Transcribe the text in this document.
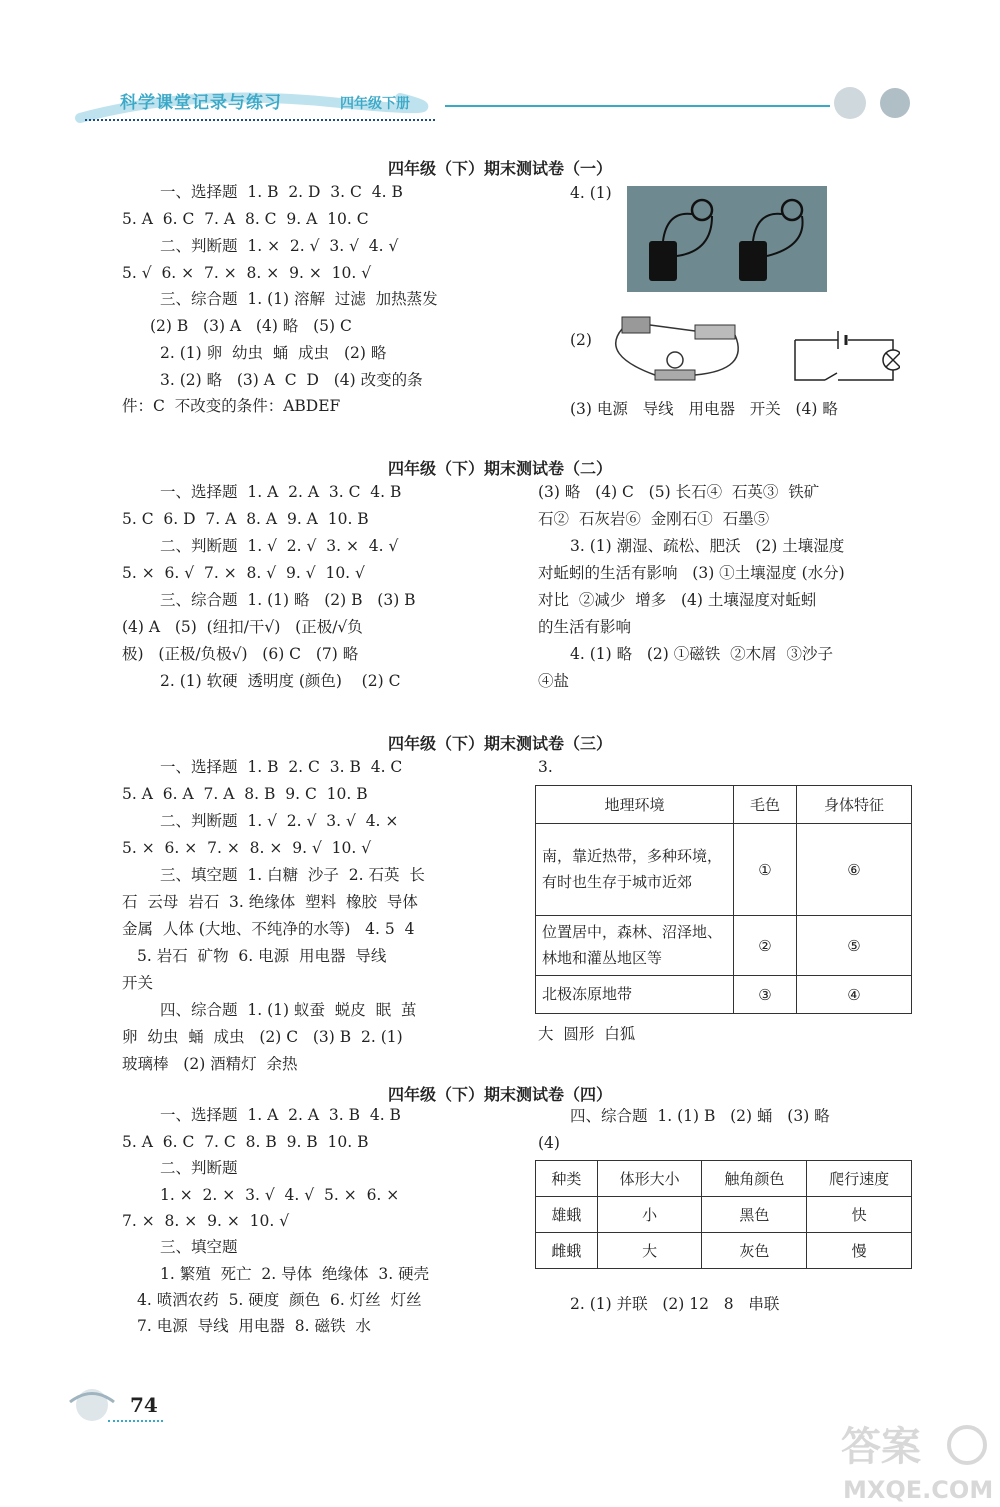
科学课堂记录与练习	四年级下册
四年级（下）期末测试卷（一）
一、选择题  1. B  2. D  3. C  4. B
5. A  6. C  7. A  8. C  9. A  10. C
二、判断题  1. ×  2. √  3. √  4. √
5. √  6. ×  7. ×  8. ×  9. ×  10. √
三、综合题  1. (1) 溶解  过滤  加热蒸发
(2) B   (3) A   (4) 略   (5) C
2. (1) 卵  幼虫  蛹  成虫   (2) 略
3. (2) 略   (3) A  C  D   (4) 改变的条
件：C  不改变的条件：ABDEF
4. (1)
(2)
(3) 电源   导线   用电器   开关   (4) 略
四年级（下）期末测试卷（二）
一、选择题  1. A  2. A  3. C  4. B
5. C  6. D  7. A  8. A  9. A  10. B
二、判断题  1. √  2. √  3. ×  4. √
5. ×  6. √  7. ×  8. √  9. √  10. √
三、综合题  1. (1) 略   (2) B   (3) B
(4) A   (5)  (纽扣/干√)   (正极/√负
极)   (正极/负极√)   (6) C   (7) 略
2. (1) 软硬  透明度 (颜色)    (2) C
(3) 略   (4) C   (5) 长石④  石英③  铁矿
石②  石灰岩⑥  金刚石①  石墨⑤
3. (1) 潮湿、疏松、肥沃   (2) 土壤湿度
对蚯蚓的生活有影响   (3) ①土壤湿度 (水分)
对比  ②减少  增多   (4) 土壤湿度对蚯蚓
的生活有影响
4. (1) 略   (2) ①磁铁  ②木屑  ③沙子
④盐
四年级（下）期末测试卷（三）
一、选择题  1. B  2. C  3. B  4. C
5. A  6. A  7. A  8. B  9. C  10. B
二、判断题  1. √  2. √  3. √  4. ×
5. ×  6. ×  7. ×  8. ×  9. √  10. √
三、填空题  1. 白糖  沙子  2. 石英  长
石  云母  岩石  3. 绝缘体  塑料  橡胶  导体
金属  人体 (大地、不纯净的水等)   4. 5  4
5. 岩石  矿物  6. 电源  用电器  导线
开关
四、综合题  1. (1) 蚁蚕  蜕皮  眠  茧
卵  幼虫  蛹  成虫   (2) C   (3) B  2. (1)
玻璃棒   (2) 酒精灯  余热
3.
地理环境	毛色	身体特征
南，靠近热带，多种环境，有时也生存于城市近郊	①	⑥
位置居中，森林、沼泽地、林地和灌丛地区等	②	⑤
北极冻原地带	③	④
大  圆形  白狐
四年级（下）期末测试卷（四）
一、选择题  1. A  2. A  3. B  4. B
5. A  6. C  7. C  8. B  9. B  10. B
二、判断题
1. ×  2. ×  3. √  4. √  5. ×  6. ×
7. ×  8. ×  9. ×  10. √
三、填空题
1. 繁殖  死亡  2. 导体  绝缘体  3. 硬壳
4. 喷洒农药  5. 硬度  颜色  6. 灯丝  灯丝
7. 电源  导线  用电器  8. 磁铁  水
四、综合题  1. (1) B   (2) 蛹   (3) 略
(4)
种类	体形大小	触角颜色	爬行速度
雄蛾	小	黑色	快
雌蛾	大	灰色	慢
2. (1) 并联   (2) 12   8   串联
74
答案
MXQE.COM
